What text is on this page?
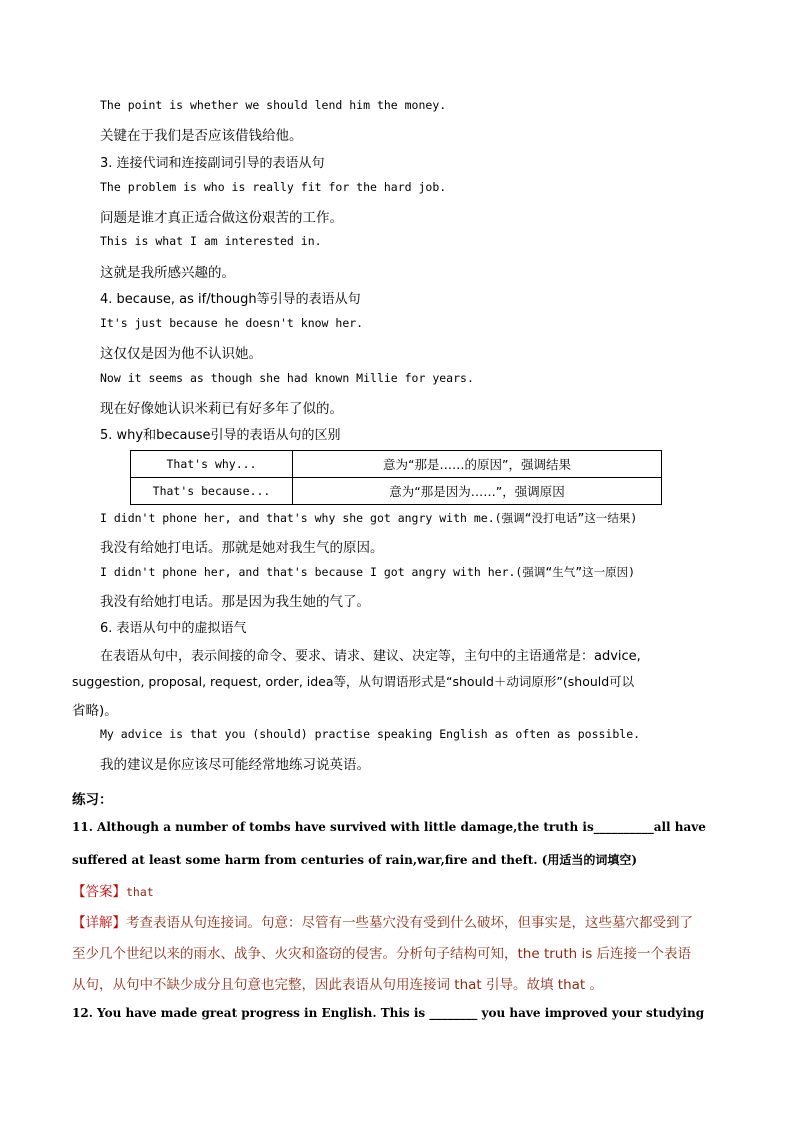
The point is whether we should lend him the money.
关键在于我们是否应该借钱给他。
3. 连接代词和连接副词引导的表语从句
The problem is who is really fit for the hard job.
问题是谁才真正适合做这份艰苦的工作。
This is what I am interested in.
这就是我所感兴趣的。
4. because, as if/though等引导的表语从句
It's just because he doesn't know her.
这仅仅是因为他不认识她。
Now it seems as though she had known Millie for years.
现在好像她认识米莉已有好多年了似的。
5. why和because引导的表语从句的区别
That's why...	意为“那是……的原因”，强调结果
That's because...	意为“那是因为……”，强调原因
I didn't phone her, and that's why she got angry with me.(强调“没打电话”这一结果)
我没有给她打电话。那就是她对我生气的原因。
I didn't phone her, and that's because I got angry with her.(强调“生气”这一原因)
我没有给她打电话。那是因为我生她的气了。
6. 表语从句中的虚拟语气
在表语从句中，表示间接的命令、要求、请求、建议、决定等，主句中的主语通常是：advice,
suggestion, proposal, request, order, idea等，从句谓语形式是“should＋动词原形”(should可以
省略)。
My advice is that you (should) practise speaking English as often as possible.
我的建议是你应该尽可能经常地练习说英语。
练习：
11. Although a number of tombs have survived with little damage,the truth is__________all have
suffered at least some harm from centuries of rain,war,fire and theft. (用适当的词填空)
【答案】that
【详解】考查表语从句连接词。句意：尽管有一些墓穴没有受到什么破坏，但事实是，这些墓穴都受到了
至少几个世纪以来的雨水、战争、火灾和盗窃的侵害。分析句子结构可知，the truth is 后连接一个表语
从句，从句中不缺少成分且句意也完整，因此表语从句用连接词 that 引导。故填 that 。
12. You have made great progress in English. This is ________ you have improved your studying
